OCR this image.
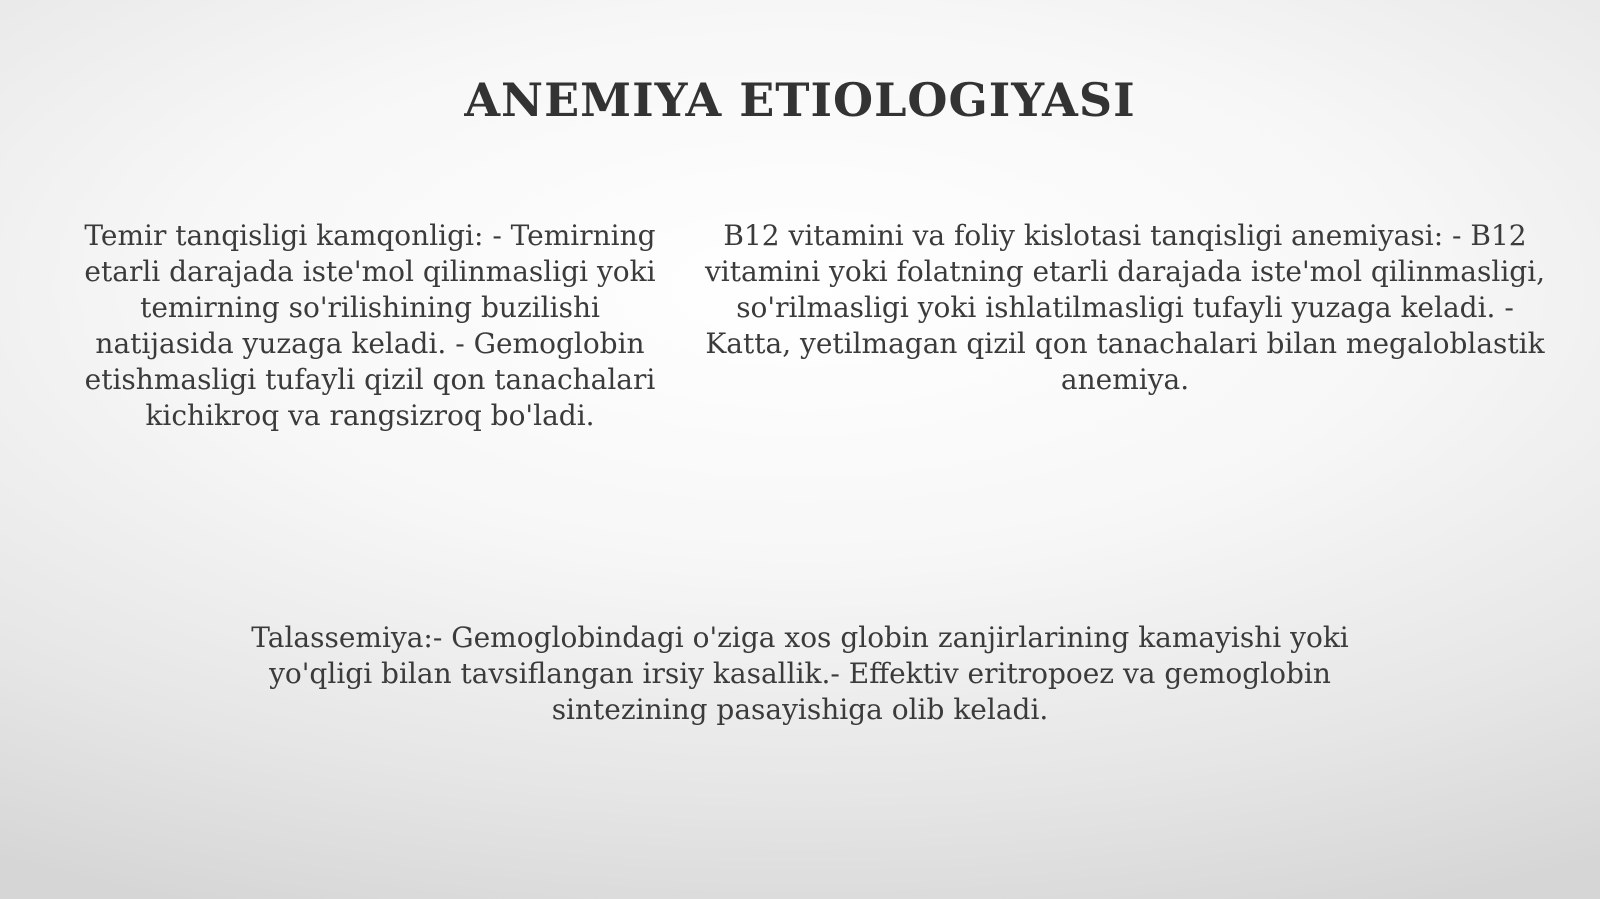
ANEMIYA ETIOLOGIYASI

Temir tanqisligi kamqonligi: - Temirning etarli darajada iste'mol qilinmasligi yoki temirning so'rilishining buzilishi natijasida yuzaga keladi. - Gemoglobin etishmasligi tufayli qizil qon tanachalari kichikroq va rangsizroq bo'ladi.

B12 vitamini va foliy kislotasi tanqisligi anemiyasi: - B12 vitamini yoki folatning etarli darajada iste'mol qilinmasligi, so'rilmasligi yoki ishlatilmasligi tufayli yuzaga keladi. - Katta, yetilmagan qizil qon tanachalari bilan megaloblastik anemiya.

Talassemiya:- Gemoglobindagi o'ziga xos globin zanjirlarining kamayishi yoki yo'qligi bilan tavsiflangan irsiy kasallik.- Effektiv eritropoez va gemoglobin sintezining pasayishiga olib keladi.
